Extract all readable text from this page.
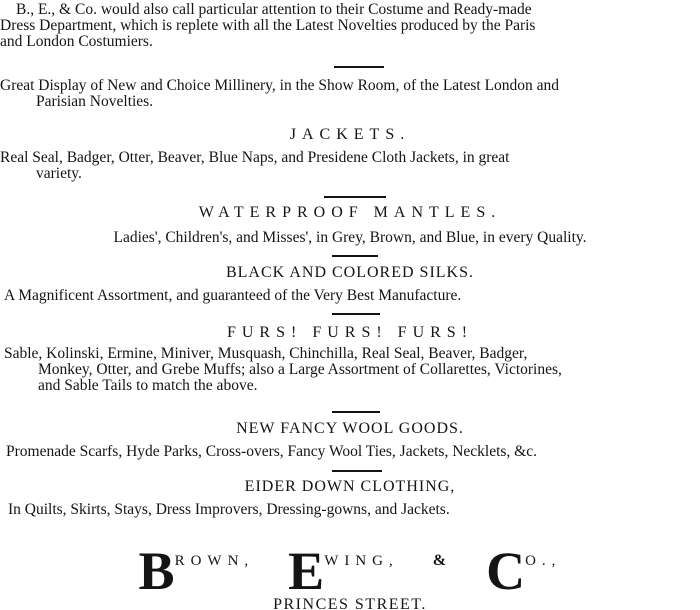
B., E., & Co. would also call particular attention to their Costume and Ready-made
Dress Department, which is replete with all the Latest Novelties produced by the Paris
and London Costumiers.

Great Display of New and Choice Millinery, in the Show Room, of the Latest London and
Parisian Novelties.

JACKETS.

Real Seal, Badger, Otter, Beaver, Blue Naps, and Presidene Cloth Jackets, in great
variety.

WATERPROOF MANTLES.

Ladies', Children's, and Misses', in Grey, Brown, and Blue, in every Quality.

BLACK AND COLORED SILKS.

A Magnificent Assortment, and guaranteed of the Very Best Manufacture.

FURS! FURS! FURS!

Sable, Kolinski, Ermine, Miniver, Musquash, Chinchilla, Real Seal, Beaver, Badger,
Monkey, Otter, and Grebe Muffs; also a Large Assortment of Collarettes, Victorines,
and Sable Tails to match the above.

NEW FANCY WOOL GOODS.

Promenade Scarfs, Hyde Parks, Cross-overs, Fancy Wool Ties, Jackets, Necklets, &c.

EIDER DOWN CLOTHING,

In Quilts, Skirts, Stays, Dress Improvers, Dressing-gowns, and Jackets.

BROWN, EWING, & CO.,
PRINCES STREET.
